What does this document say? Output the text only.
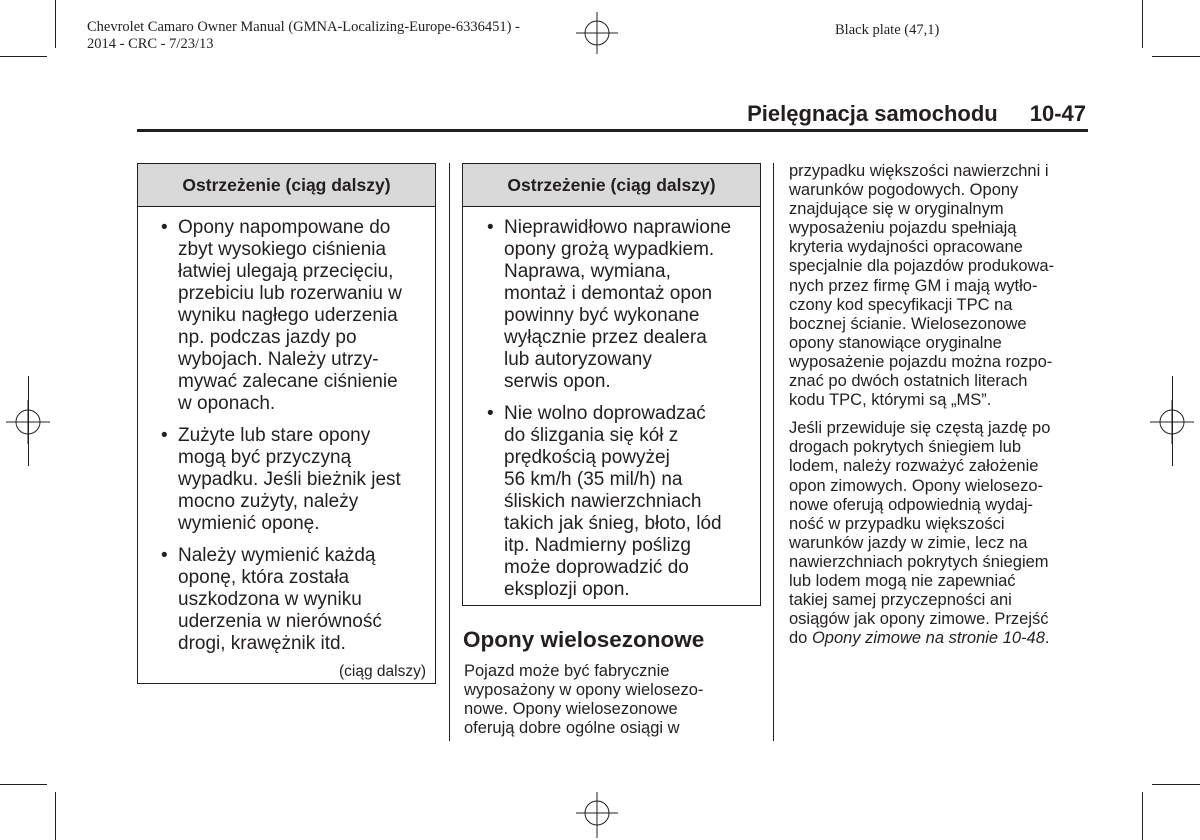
Chevrolet Camaro Owner Manual (GMNA-Localizing-Europe-6336451) -
2014 - CRC - 7/23/13
Black plate (47,1)
Pielęgnacja samochodu 10-47
Ostrzeżenie (ciąg dalszy)
• Opony napompowane do
zbyt wysokiego ciśnienia
łatwiej ulegają przecięciu,
przebiciu lub rozerwaniu w
wyniku nagłego uderzenia
np. podczas jazdy po
wybojach. Należy utrzy-
mywać zalecane ciśnienie
w oponach.
• Zużyte lub stare opony
mogą być przyczyną
wypadku. Jeśli bieżnik jest
mocno zużyty, należy
wymienić oponę.
• Należy wymienić każdą
oponę, która została
uszkodzona w wyniku
uderzenia w nierówność
drogi, krawężnik itd.
(ciąg dalszy)
Ostrzeżenie (ciąg dalszy)
• Nieprawidłowo naprawione
opony grożą wypadkiem.
Naprawa, wymiana,
montaż i demontaż opon
powinny być wykonane
wyłącznie przez dealera
lub autoryzowany
serwis opon.
• Nie wolno doprowadzać
do ślizgania się kół z
prędkością powyżej
56 km/h (35 mil/h) na
śliskich nawierzchniach
takich jak śnieg, błoto, lód
itp. Nadmierny poślizg
może doprowadzić do
eksplozji opon.
Opony wielosezonowe
Pojazd może być fabrycznie
wyposażony w opony wielosezo-
nowe. Opony wielosezonowe
oferują dobre ogólne osiągi w

przypadku większości nawierzchni i
warunków pogodowych. Opony
znajdujące się w oryginalnym
wyposażeniu pojazdu spełniają
kryteria wydajności opracowane
specjalnie dla pojazdów produkowa-
nych przez firmę GM i mają wytło-
czony kod specyfikacji TPC na
bocznej ścianie. Wielosezonowe
opony stanowiące oryginalne
wyposażenie pojazdu można rozpo-
znać po dwóch ostatnich literach
kodu TPC, którymi są „MS”.

Jeśli przewiduje się częstą jazdę po
drogach pokrytych śniegiem lub
lodem, należy rozważyć założenie
opon zimowych. Opony wielosezo-
nowe oferują odpowiednią wydaj-
ność w przypadku większości
warunków jazdy w zimie, lecz na
nawierzchniach pokrytych śniegiem
lub lodem mogą nie zapewniać
takiej samej przyczepności ani
osiągów jak opony zimowe. Przejść
do Opony zimowe na stronie 10-48.
